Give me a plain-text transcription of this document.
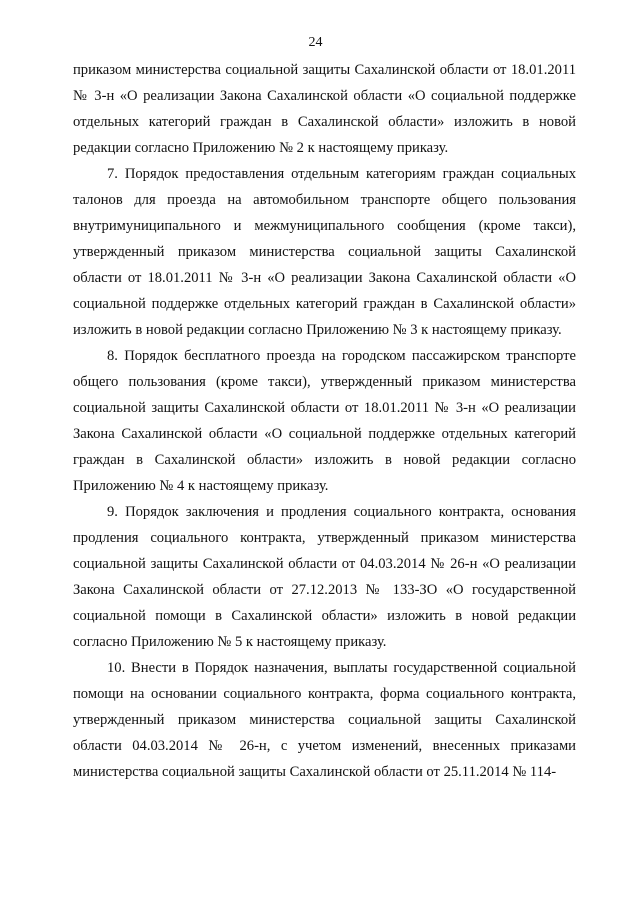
24

приказом министерства социальной защиты Сахалинской области от 18.01.2011 № 3-н «О реализации Закона Сахалинской области «О социальной поддержке отдельных категорий граждан в Сахалинской области» изложить в новой редакции согласно Приложению № 2 к настоящему приказу.

7. Порядок предоставления отдельным категориям граждан социальных талонов для проезда на автомобильном транспорте общего пользования внутримуниципального и межмуниципального сообщения (кроме такси), утвержденный приказом министерства социальной защиты Сахалинской области от 18.01.2011 № 3-н «О реализации Закона Сахалинской области «О социальной поддержке отдельных категорий граждан в Сахалинской области» изложить в новой редакции согласно Приложению № 3 к настоящему приказу.

8. Порядок бесплатного проезда на городском пассажирском транспорте общего пользования (кроме такси), утвержденный приказом министерства социальной защиты Сахалинской области от 18.01.2011 № 3-н «О реализации Закона Сахалинской области «О социальной поддержке отдельных категорий граждан в Сахалинской области» изложить в новой редакции согласно Приложению № 4 к настоящему приказу.

9. Порядок заключения и продления социального контракта, основания продления социального контракта, утвержденный приказом министерства социальной защиты Сахалинской области от 04.03.2014 № 26-н «О реализации Закона Сахалинской области от 27.12.2013 № 133-ЗО «О государственной социальной помощи в Сахалинской области» изложить в новой редакции согласно Приложению № 5 к настоящему приказу.

10. Внести в Порядок назначения, выплаты государственной социальной помощи на основании социального контракта, форма социального контракта, утвержденный приказом министерства социальной защиты Сахалинской области 04.03.2014 № 26-н, с учетом изменений, внесенных приказами министерства социальной защиты Сахалинской области от 25.11.2014 № 114-
